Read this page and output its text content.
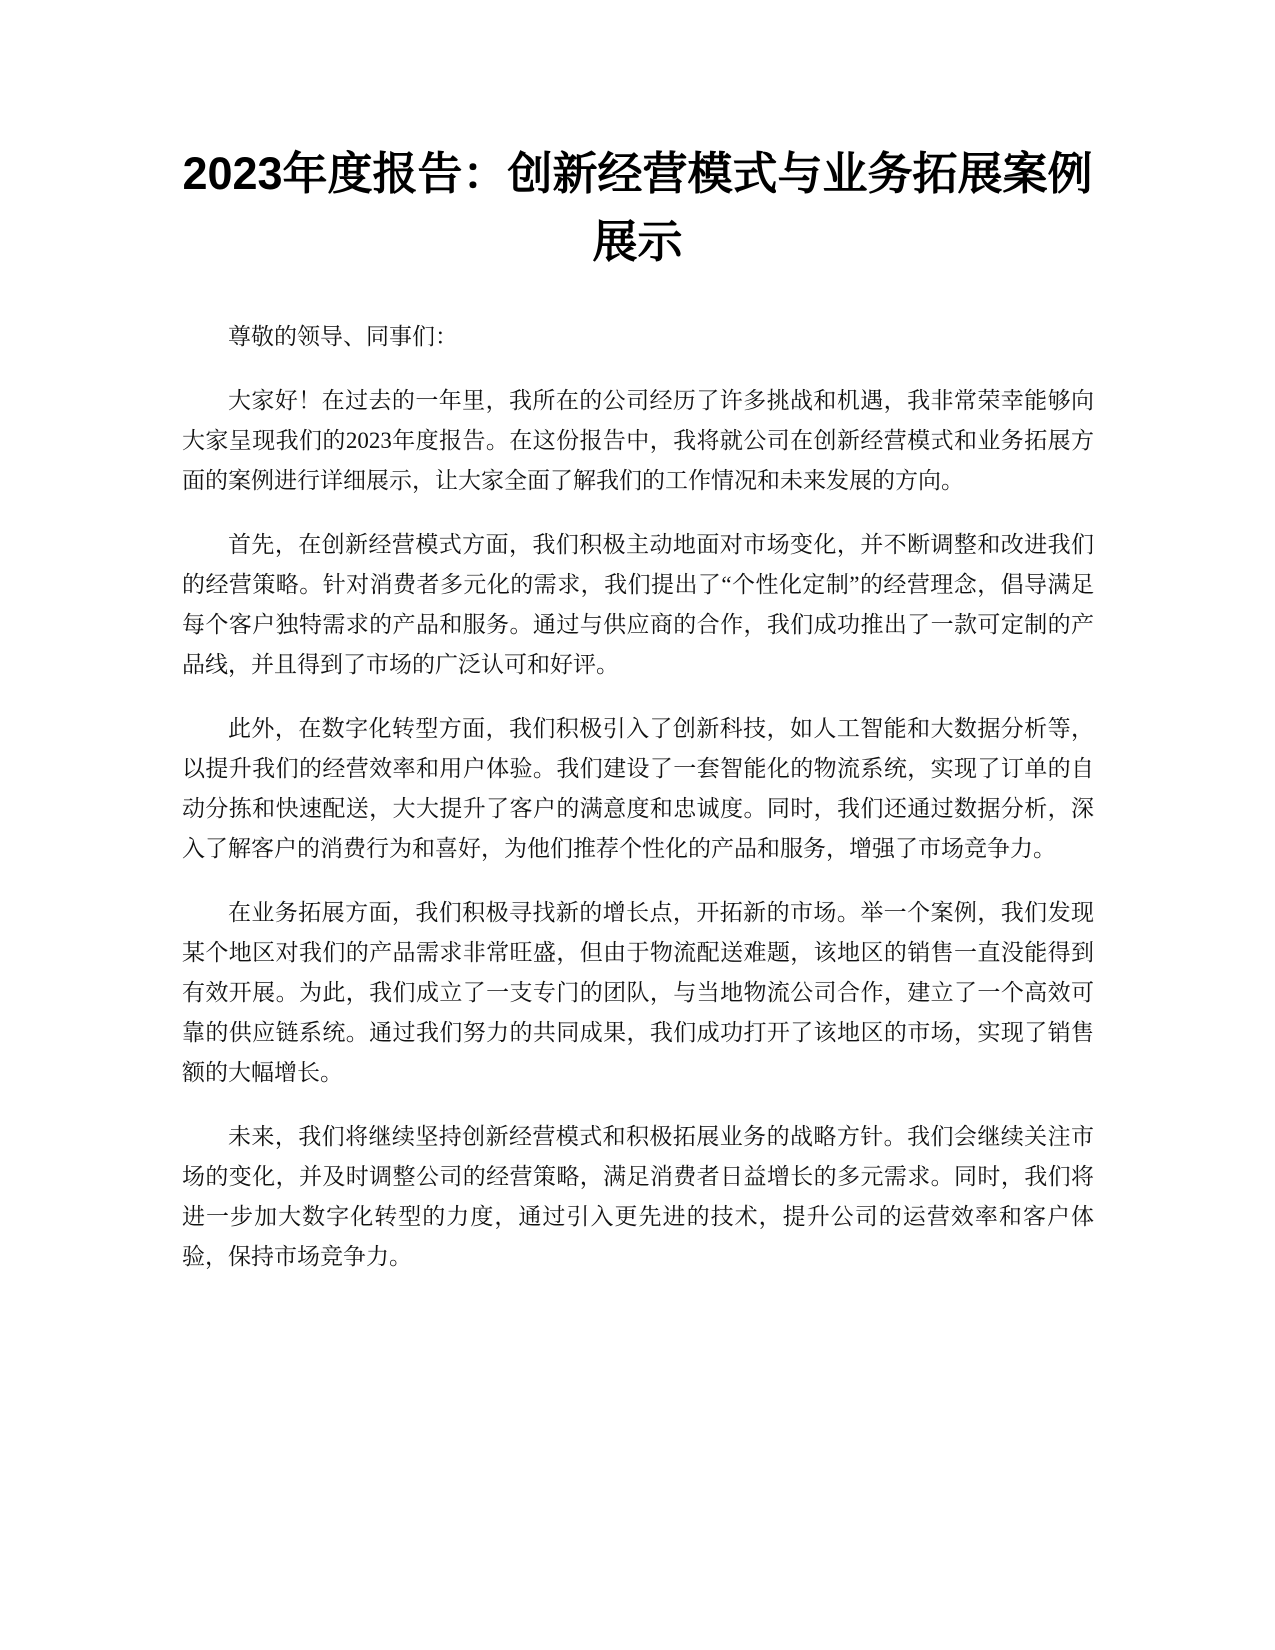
2023年度报告：创新经营模式与业务拓展案例展示

尊敬的领导、同事们：

大家好！在过去的一年里，我所在的公司经历了许多挑战和机遇，我非常荣幸能够向大家呈现我们的2023年度报告。在这份报告中，我将就公司在创新经营模式和业务拓展方面的案例进行详细展示，让大家全面了解我们的工作情况和未来发展的方向。

首先，在创新经营模式方面，我们积极主动地面对市场变化，并不断调整和改进我们的经营策略。针对消费者多元化的需求，我们提出了“个性化定制”的经营理念，倡导满足每个客户独特需求的产品和服务。通过与供应商的合作，我们成功推出了一款可定制的产品线，并且得到了市场的广泛认可和好评。

此外，在数字化转型方面，我们积极引入了创新科技，如人工智能和大数据分析等，以提升我们的经营效率和用户体验。我们建设了一套智能化的物流系统，实现了订单的自动分拣和快速配送，大大提升了客户的满意度和忠诚度。同时，我们还通过数据分析，深入了解客户的消费行为和喜好，为他们推荐个性化的产品和服务，增强了市场竞争力。

在业务拓展方面，我们积极寻找新的增长点，开拓新的市场。举一个案例，我们发现某个地区对我们的产品需求非常旺盛，但由于物流配送难题，该地区的销售一直没能得到有效开展。为此，我们成立了一支专门的团队，与当地物流公司合作，建立了一个高效可靠的供应链系统。通过我们努力的共同成果，我们成功打开了该地区的市场，实现了销售额的大幅增长。

未来，我们将继续坚持创新经营模式和积极拓展业务的战略方针。我们会继续关注市场的变化，并及时调整公司的经营策略，满足消费者日益增长的多元需求。同时，我们将进一步加大数字化转型的力度，通过引入更先进的技术，提升公司的运营效率和客户体验，保持市场竞争力。
